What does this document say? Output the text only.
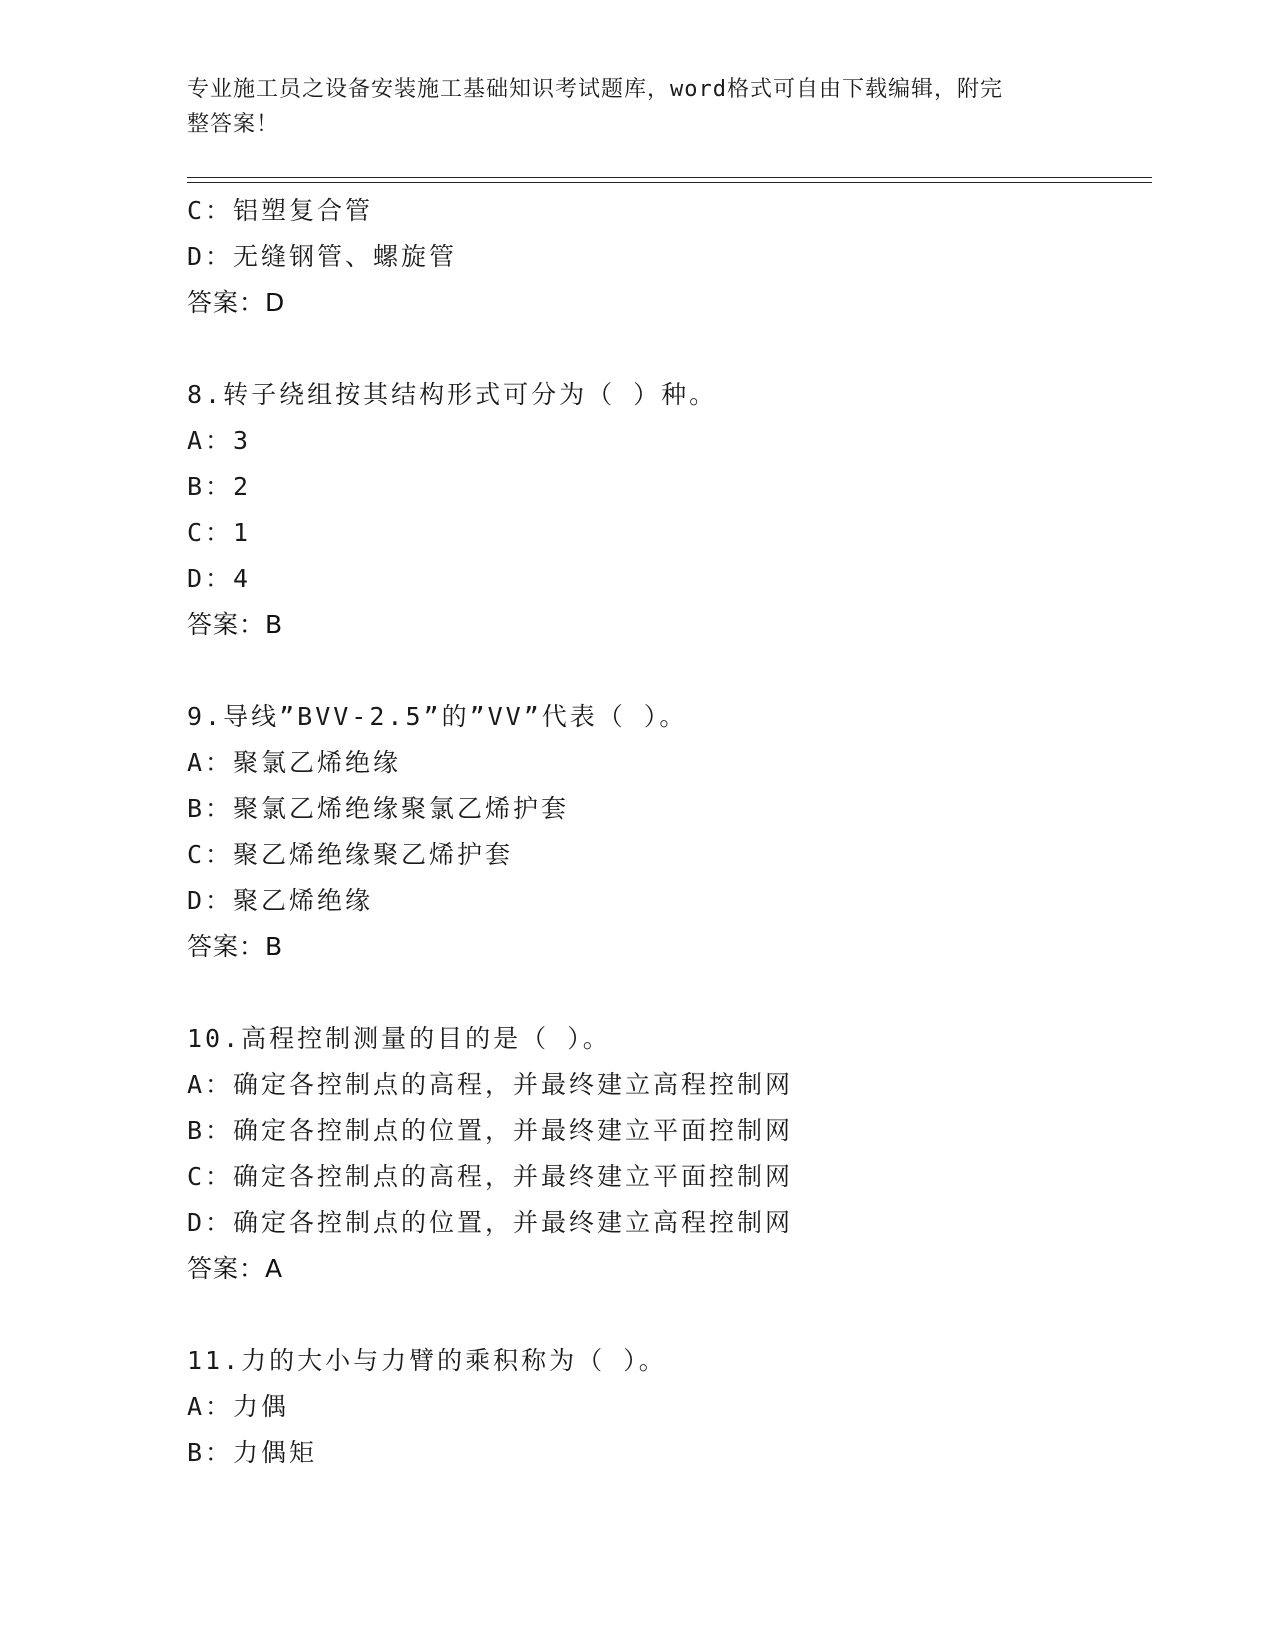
专业施工员之设备安装施工基础知识考试题库，word格式可自由下载编辑，附完
整答案！
C：铝塑复合管
D：无缝钢管、螺旋管
答案：D
8.转子绕组按其结构形式可分为（ ）种。
A：3
B：2
C：1
D：4
答案：B
9.导线”BVV-2.5”的”VV”代表（ ）。
A：聚氯乙烯绝缘
B：聚氯乙烯绝缘聚氯乙烯护套
C：聚乙烯绝缘聚乙烯护套
D：聚乙烯绝缘
答案：B
10.高程控制测量的目的是（ ）。
A：确定各控制点的高程，并最终建立高程控制网
B：确定各控制点的位置，并最终建立平面控制网
C：确定各控制点的高程，并最终建立平面控制网
D：确定各控制点的位置，并最终建立高程控制网
答案：A
11.力的大小与力臂的乘积称为（ ）。
A：力偶
B：力偶矩
